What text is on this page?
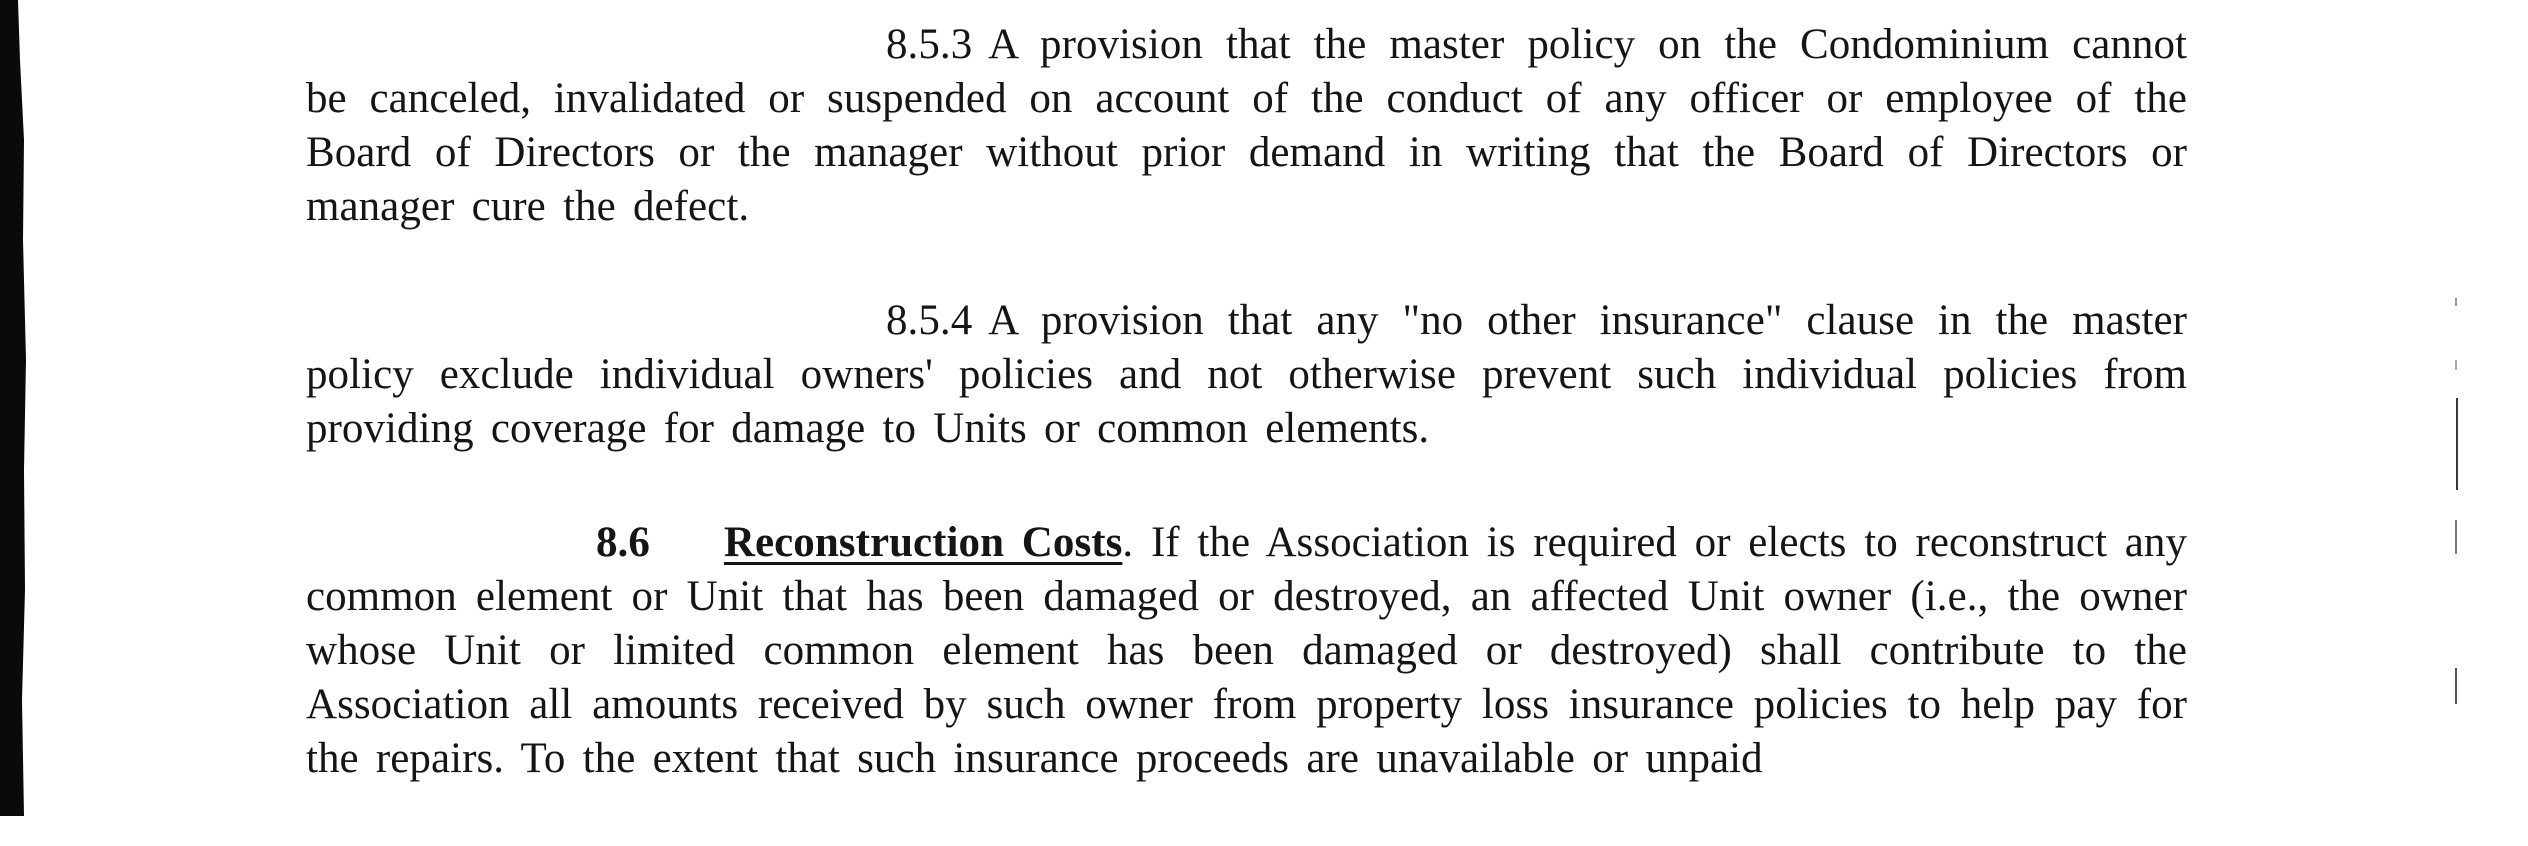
8.5.3 A provision that the master policy on the Condominium cannot be canceled, invalidated or suspended on account of the conduct of any officer or employee of the Board of Directors or the manager without prior demand in writing that the Board of Directors or manager cure the defect.

8.5.4 A provision that any "no other insurance" clause in the master policy exclude individual owners' policies and not otherwise prevent such individual policies from providing coverage for damage to Units or common elements.

8.6 Reconstruction Costs. If the Association is required or elects to reconstruct any common element or Unit that has been damaged or destroyed, an affected Unit owner (i.e., the owner whose Unit or limited common element has been damaged or destroyed) shall contribute to the Association all amounts received by such owner from property loss insurance policies to help pay for the repairs. To the extent that such insurance proceeds are unavailable or unpaid
